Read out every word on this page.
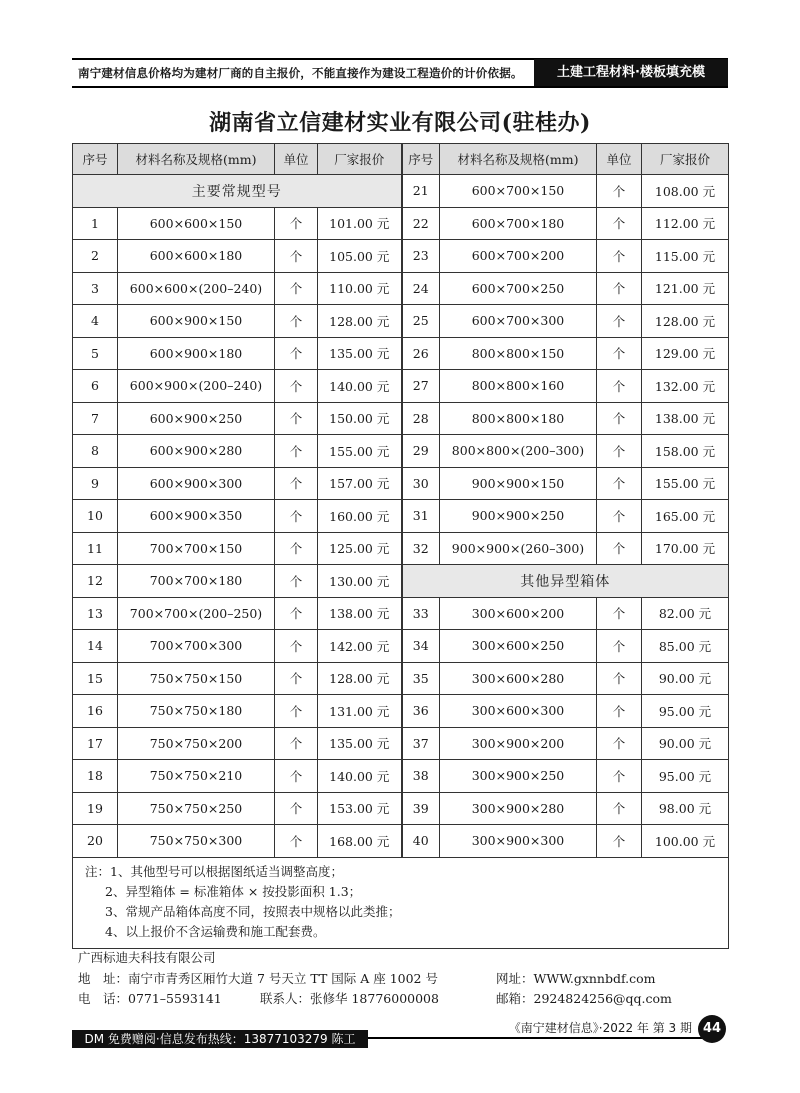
南宁建材信息价格均为建材厂商的自主报价，不能直接作为建设工程造价的计价依据。	土建工程材料·楼板填充模
湖南省立信建材实业有限公司(驻桂办)
序号	材料名称及规格(mm)	单位	厂家报价	序号	材料名称及规格(mm)	单位	厂家报价
主要常规型号				21	600×700×150	个	108.00 元
1	600×600×150	个	101.00 元	22	600×700×180	个	112.00 元
2	600×600×180	个	105.00 元	23	600×700×200	个	115.00 元
3	600×600×(200–240)	个	110.00 元	24	600×700×250	个	121.00 元
4	600×900×150	个	128.00 元	25	600×700×300	个	128.00 元
5	600×900×180	个	135.00 元	26	800×800×150	个	129.00 元
6	600×900×(200–240)	个	140.00 元	27	800×800×160	个	132.00 元
7	600×900×250	个	150.00 元	28	800×800×180	个	138.00 元
8	600×900×280	个	155.00 元	29	800×800×(200–300)	个	158.00 元
9	600×900×300	个	157.00 元	30	900×900×150	个	155.00 元
10	600×900×350	个	160.00 元	31	900×900×250	个	165.00 元
11	700×700×150	个	125.00 元	32	900×900×(260–300)	个	170.00 元
12	700×700×180	个	130.00 元	其他异型箱体			
13	700×700×(200–250)	个	138.00 元	33	300×600×200	个	82.00 元
14	700×700×300	个	142.00 元	34	300×600×250	个	85.00 元
15	750×750×150	个	128.00 元	35	300×600×280	个	90.00 元
16	750×750×180	个	131.00 元	36	300×600×300	个	95.00 元
17	750×750×200	个	135.00 元	37	300×900×200	个	90.00 元
18	750×750×210	个	140.00 元	38	300×900×250	个	95.00 元
19	750×750×250	个	153.00 元	39	300×900×280	个	98.00 元
20	750×750×300	个	168.00 元	40	300×900×300	个	100.00 元

注：1、其他型号可以根据图纸适当调整高度；
2、异型箱体 = 标准箱体 × 按投影面积 1.3；
3、常规产品箱体高度不同，按照表中规格以此类推；
4、以上报价不含运输费和施工配套费。							
广西标迪夫科技有限公司
地　址：南宁市青秀区厢竹大道 7 号天立 TT 国际 A 座 1002 号	网址：WWW.gxnnbdf.com
电　话：0771–5593141	联系人：张修华 18776000008	邮箱：2924824256@qq.com
DM 免费赠阅·信息发布热线：13877103279 陈工
《南宁建材信息》·2022 年 第 3 期 44
